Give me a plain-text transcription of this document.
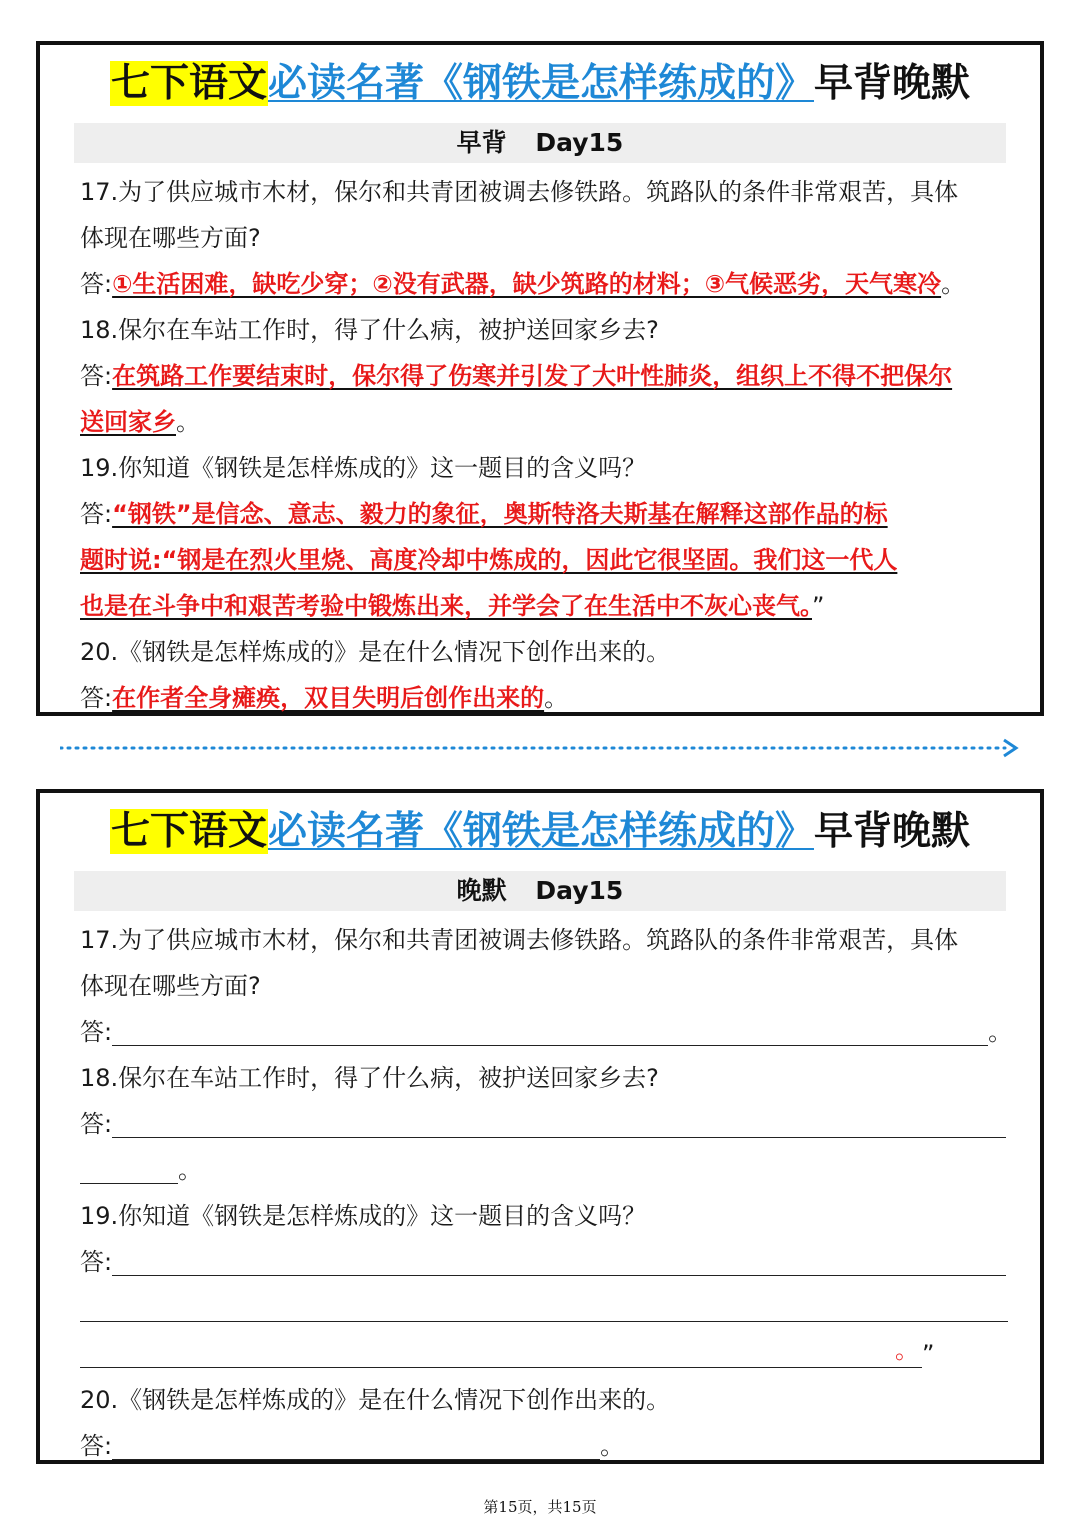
七下语文必读名著《钢铁是怎样练成的》早背晚默
早背 Day15
17.为了供应城市木材，保尔和共青团被调去修铁路。筑路队的条件非常艰苦，具体
体现在哪些方面?
答:①生活困难，缺吃少穿；②没有武器，缺少筑路的材料；③气候恶劣，天气寒冷。
18.保尔在车站工作时，得了什么病，被护送回家乡去?
答:在筑路工作要结束时，保尔得了伤寒并引发了大叶性肺炎，组织上不得不把保尔
送回家乡。
19.你知道《钢铁是怎样炼成的》这一题目的含义吗？
答:“钢铁”是信念、意志、毅力的象征，奥斯特洛夫斯基在解释这部作品的标
题时说:“钢是在烈火里烧、高度冷却中炼成的，因此它很坚固。我们这一代人
也是在斗争中和艰苦考验中锻炼出来，并学会了在生活中不灰心丧气。”
20.《钢铁是怎样炼成的》是在什么情况下创作出来的。
答:在作者全身瘫痪，双目失明后创作出来的。
七下语文必读名著《钢铁是怎样练成的》早背晚默
晚默 Day15
17.为了供应城市木材，保尔和共青团被调去修铁路。筑路队的条件非常艰苦，具体
体现在哪些方面?
答:	。
18.保尔在车站工作时，得了什么病，被护送回家乡去?
答:
。
19.你知道《钢铁是怎样炼成的》这一题目的含义吗？
答:
。 ”
20.《钢铁是怎样炼成的》是在什么情况下创作出来的。
答:	。
第15页，共15页
